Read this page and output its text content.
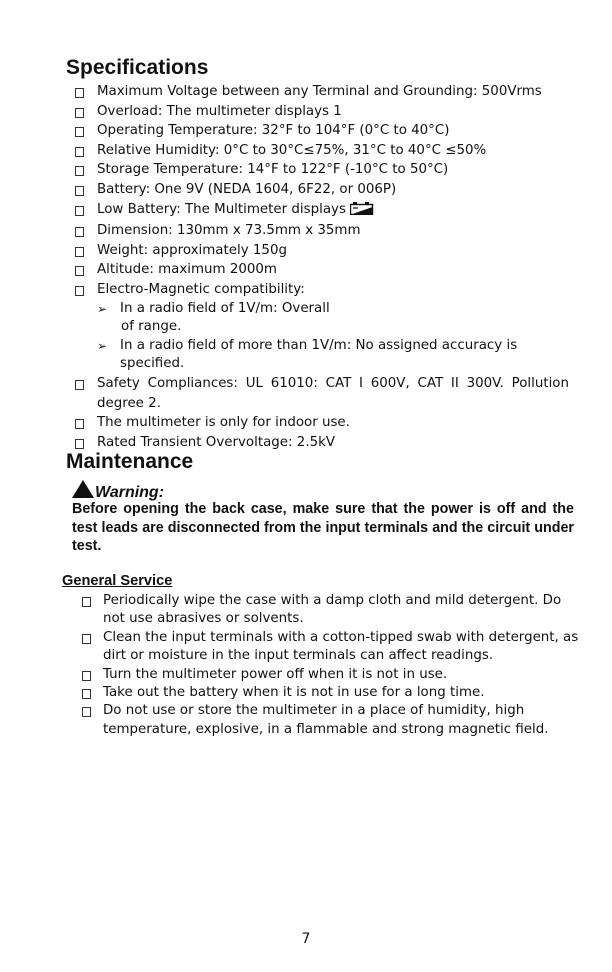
Specifications
Maximum Voltage between any Terminal and Grounding: 500Vrms
Overload: The multimeter displays 1
Operating Temperature: 32°F to 104°F (0°C to 40°C)
Relative Humidity: 0°C to 30°C≤75%, 31°C to 40°C ≤50%
Storage Temperature: 14°F to 122°F (-10°C to 50°C)
Battery: One 9V (NEDA 1604, 6F22, or 006P)
Low Battery: The Multimeter displays
Dimension: 130mm x 73.5mm x 35mm
Weight: approximately 150g
Altitude: maximum 2000m
Electro-Magnetic compatibility:
➢ In a radio field of 1V/m: Overall
of range.
➢ In a radio field of more than 1V/m: No assigned accuracy is specified.
Safety Compliances: UL 61010: CAT I 600V, CAT II 300V. Pollution degree 2.
The multimeter is only for indoor use.
Rated Transient Overvoltage: 2.5kV
Maintenance
Warning:

Before opening the back case, make sure that the power is off and the test leads are disconnected from the input terminals and the circuit under test.

General Service
Periodically wipe the case with a damp cloth and mild detergent. Do not use abrasives or solvents.
Clean the input terminals with a cotton-tipped swab with detergent, as dirt or moisture in the input terminals can affect readings.
Turn the multimeter power off when it is not in use.
Take out the battery when it is not in use for a long time.
Do not use or store the multimeter in a place of humidity, high temperature, explosive, in a flammable and strong magnetic field.
7
